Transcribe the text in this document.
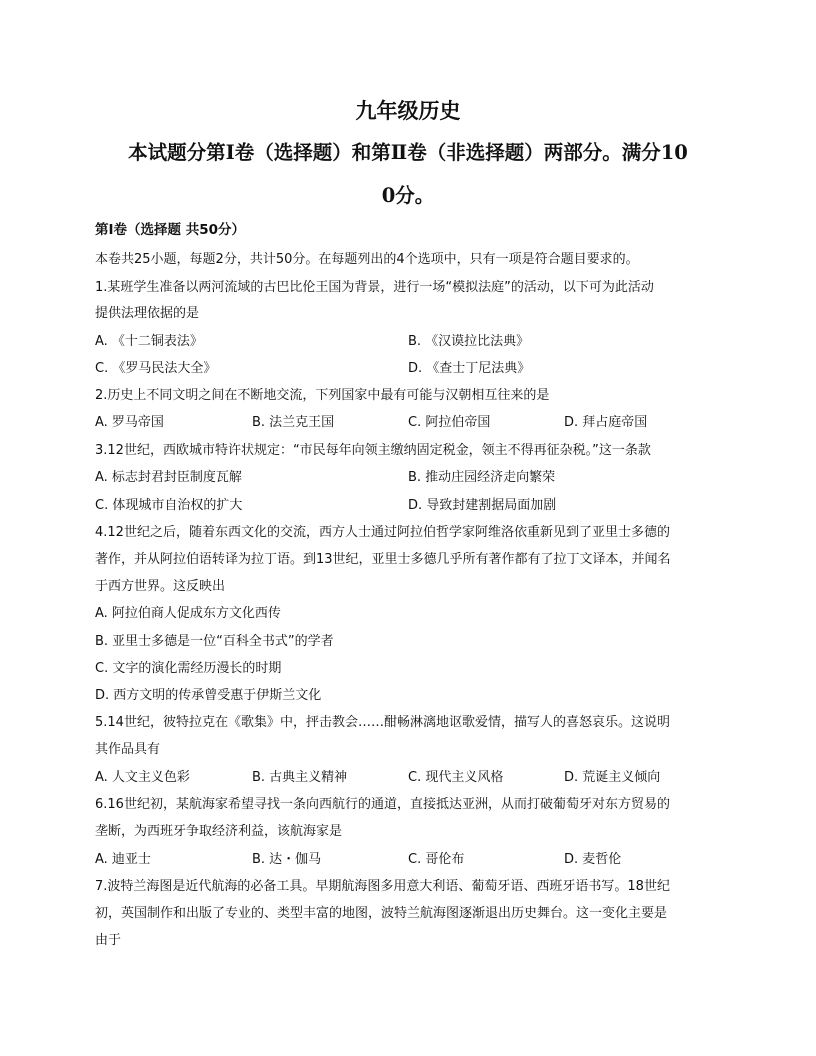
九年级历史
本试题分第Ⅰ卷（选择题）和第Ⅱ卷（非选择题）两部分。满分10
0分。
第Ⅰ卷（选择题 共50分）
本卷共25小题，每题2分，共计50分。在每题列出的4个选项中，只有一项是符合题目要求的。
1.某班学生准备以两河流域的古巴比伦王国为背景，进行一场“模拟法庭”的活动，以下可为此活动
提供法理依据的是
A. 《十二铜表法》	B. 《汉谟拉比法典》
C. 《罗马民法大全》	D. 《查士丁尼法典》
2.历史上不同文明之间在不断地交流，下列国家中最有可能与汉朝相互往来的是
A. 罗马帝国	B. 法兰克王国	C. 阿拉伯帝国	D. 拜占庭帝国
3.12世纪，西欧城市特许状规定：“市民每年向领主缴纳固定税金，领主不得再征杂税。”这一条款
A. 标志封君封臣制度瓦解	B. 推动庄园经济走向繁荣
C. 体现城市自治权的扩大	D. 导致封建割据局面加剧
4.12世纪之后，随着东西文化的交流，西方人士通过阿拉伯哲学家阿维洛依重新见到了亚里士多德的
著作，并从阿拉伯语转译为拉丁语。到13世纪，亚里士多德几乎所有著作都有了拉丁文译本，并闻名
于西方世界。这反映出
A. 阿拉伯商人促成东方文化西传
B. 亚里士多德是一位“百科全书式”的学者
C. 文字的演化需经历漫长的时期
D. 西方文明的传承曾受惠于伊斯兰文化
5.14世纪，彼特拉克在《歌集》中，抨击教会……酣畅淋漓地讴歌爱情，描写人的喜怒哀乐。这说明
其作品具有
A. 人文主义色彩	B. 古典主义精神	C. 现代主义风格	D. 荒诞主义倾向
6.16世纪初，某航海家希望寻找一条向西航行的通道，直接抵达亚洲，从而打破葡萄牙对东方贸易的
垄断，为西班牙争取经济利益，该航海家是
A. 迪亚士	B. 达・伽马	C. 哥伦布	D. 麦哲伦
7.波特兰海图是近代航海的必备工具。早期航海图多用意大利语、葡萄牙语、西班牙语书写。18世纪
初，英国制作和出版了专业的、类型丰富的地图，波特兰航海图逐渐退出历史舞台。这一变化主要是
由于
